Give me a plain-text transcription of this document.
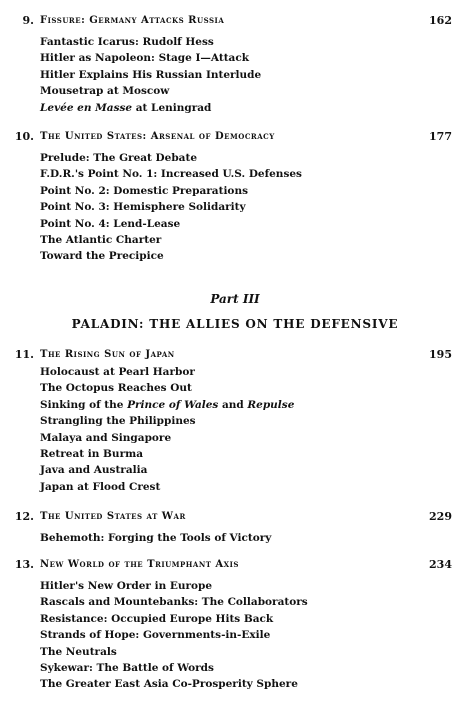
9. Fissure: Germany Attacks Russia	162
Fantastic Icarus: Rudolf Hess
Hitler as Napoleon: Stage I—Attack
Hitler Explains His Russian Interlude
Mousetrap at Moscow
Levée en Masse at Leningrad
10. The United States: Arsenal of Democracy	177
Prelude: The Great Debate
F.D.R.'s Point No. 1: Increased U.S. Defenses
Point No. 2: Domestic Preparations
Point No. 3: Hemisphere Solidarity
Point No. 4: Lend-Lease
The Atlantic Charter
Toward the Precipice
Part III
PALADIN: THE ALLIES ON THE DEFENSIVE
11. The Rising Sun of Japan	195
Holocaust at Pearl Harbor
The Octopus Reaches Out
Sinking of the Prince of Wales and Repulse
Strangling the Philippines
Malaya and Singapore
Retreat in Burma
Java and Australia
Japan at Flood Crest
12. The United States at War	229
Behemoth: Forging the Tools of Victory
13. New World of the Triumphant Axis	234
Hitler's New Order in Europe
Rascals and Mountebanks: The Collaborators
Resistance: Occupied Europe Hits Back
Strands of Hope: Governments-in-Exile
The Neutrals
Sykewar: The Battle of Words
The Greater East Asia Co-Prosperity Sphere
